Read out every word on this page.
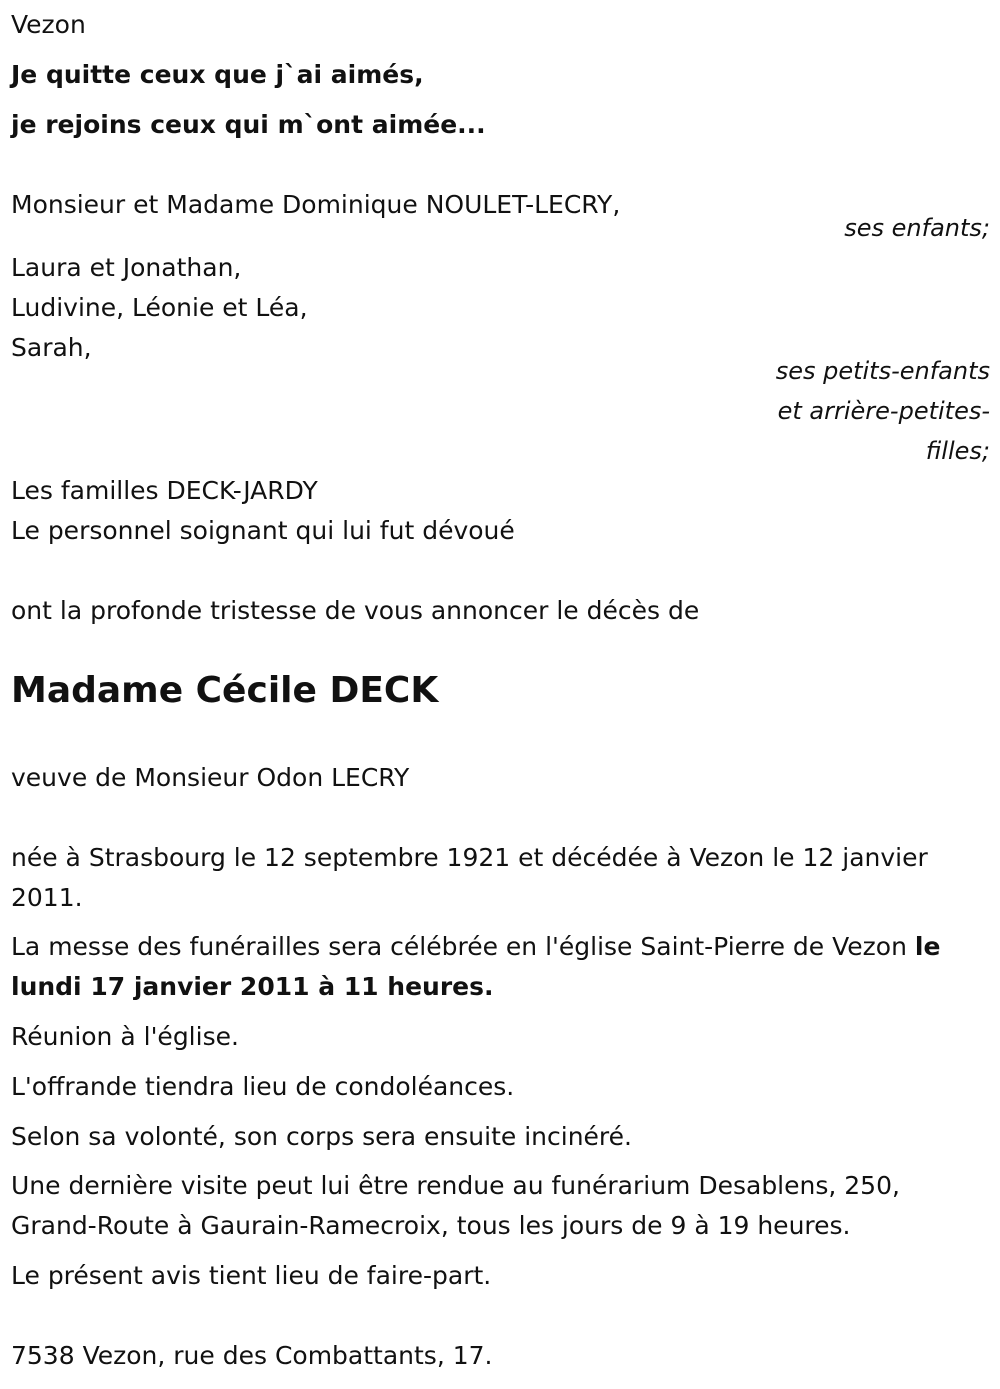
Vezon
Je quitte ceux que j`ai aimés,
je rejoins ceux qui m`ont aimée...
Monsieur et Madame Dominique NOULET-LECRY,
ses enfants;
Laura et Jonathan,
Ludivine, Léonie et Léa,
Sarah,
ses petits-enfants
et arrière-petites-
filles;
Les familles DECK-JARDY
Le personnel soignant qui lui fut dévoué
ont la profonde tristesse de vous annoncer le décès de
Madame Cécile DECK
veuve de Monsieur Odon LECRY
née à Strasbourg le 12 septembre 1921 et décédée à Vezon le 12 janvier 2011.
La messe des funérailles sera célébrée en l'église Saint-Pierre de Vezon le lundi 17 janvier 2011 à 11 heures.
Réunion à l'église.
L'offrande tiendra lieu de condoléances.
Selon sa volonté, son corps sera ensuite incinéré.
Une dernière visite peut lui être rendue au funérarium Desablens, 250, Grand-Route à Gaurain-Ramecroix, tous les jours de 9 à 19 heures.
Le présent avis tient lieu de faire-part.
7538 Vezon, rue des Combattants, 17.
